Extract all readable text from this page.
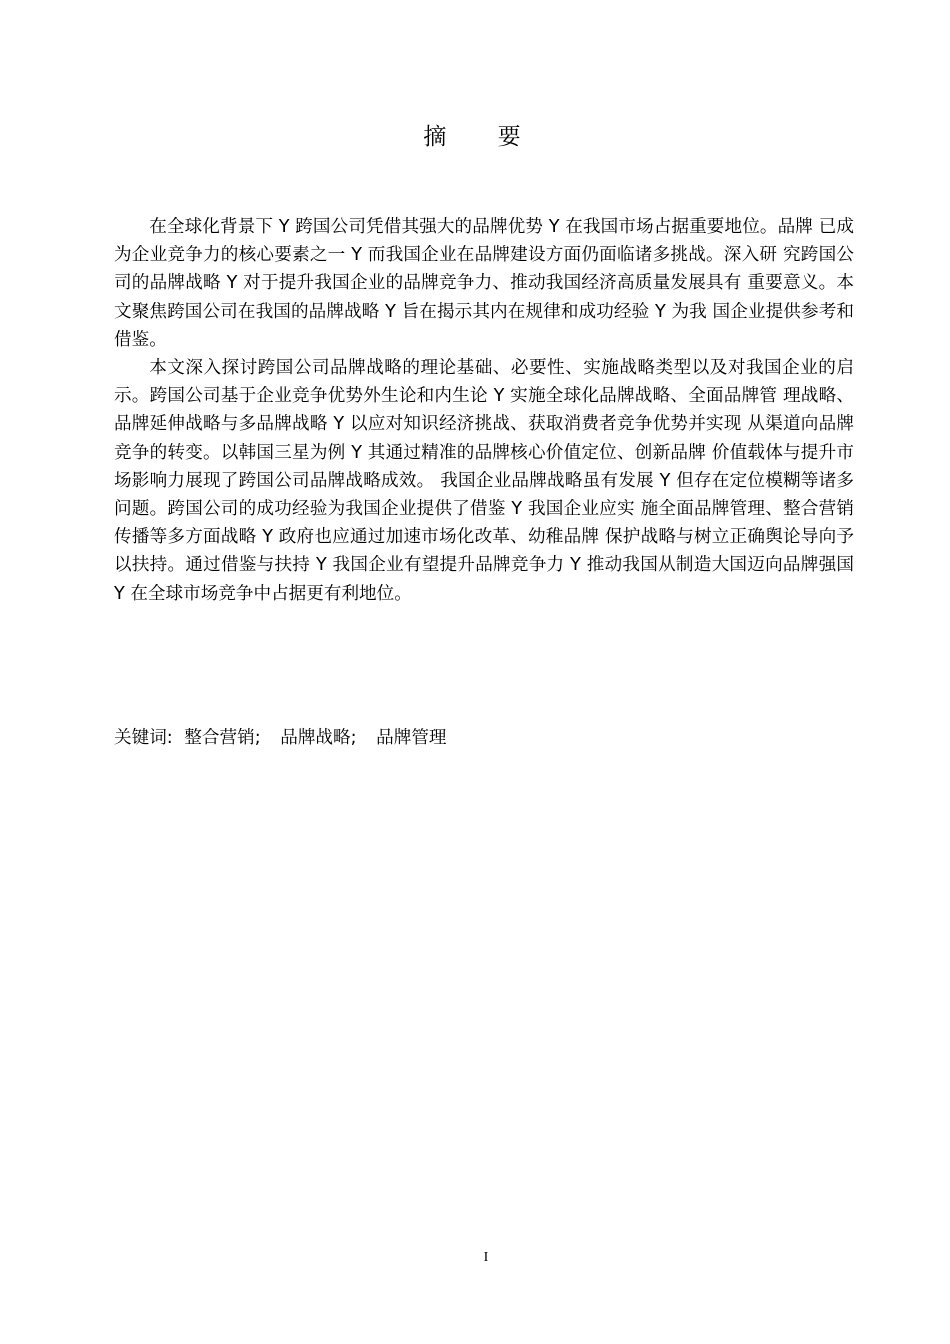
摘 要

在全球化背景下 Y 跨国公司凭借其强大的品牌优势 Y 在我国市场占据重要地位。品牌 已成为企业竞争力的核心要素之一 Y 而我国企业在品牌建设方面仍面临诸多挑战。深入研 究跨国公司的品牌战略 Y 对于提升我国企业的品牌竞争力、推动我国经济高质量发展具有 重要意义。本文聚焦跨国公司在我国的品牌战略 Y 旨在揭示其内在规律和成功经验 Y 为我 国企业提供参考和借鉴。

本文深入探讨跨国公司品牌战略的理论基础、必要性、实施战略类型以及对我国企业的启示。跨国公司基于企业竞争优势外生论和内生论 Y 实施全球化品牌战略、全面品牌管 理战略、品牌延伸战略与多品牌战略 Y 以应对知识经济挑战、获取消费者竞争优势并实现 从渠道向品牌竞争的转变。以韩国三星为例 Y 其通过精准的品牌核心价值定位、创新品牌 价值载体与提升市场影响力展现了跨国公司品牌战略成效。 我国企业品牌战略虽有发展 Y 但存在定位模糊等诸多问题。跨国公司的成功经验为我国企业提供了借鉴 Y 我国企业应实 施全面品牌管理、整合营销传播等多方面战略 Y 政府也应通过加速市场化改革、幼稚品牌 保护战略与树立正确舆论导向予以扶持。通过借鉴与扶持 Y 我国企业有望提升品牌竞争力 Y 推动我国从制造大国迈向品牌强国 Y 在全球市场竞争中占据更有利地位。

关键词: 整合营销; 品牌战略; 品牌管理
I
